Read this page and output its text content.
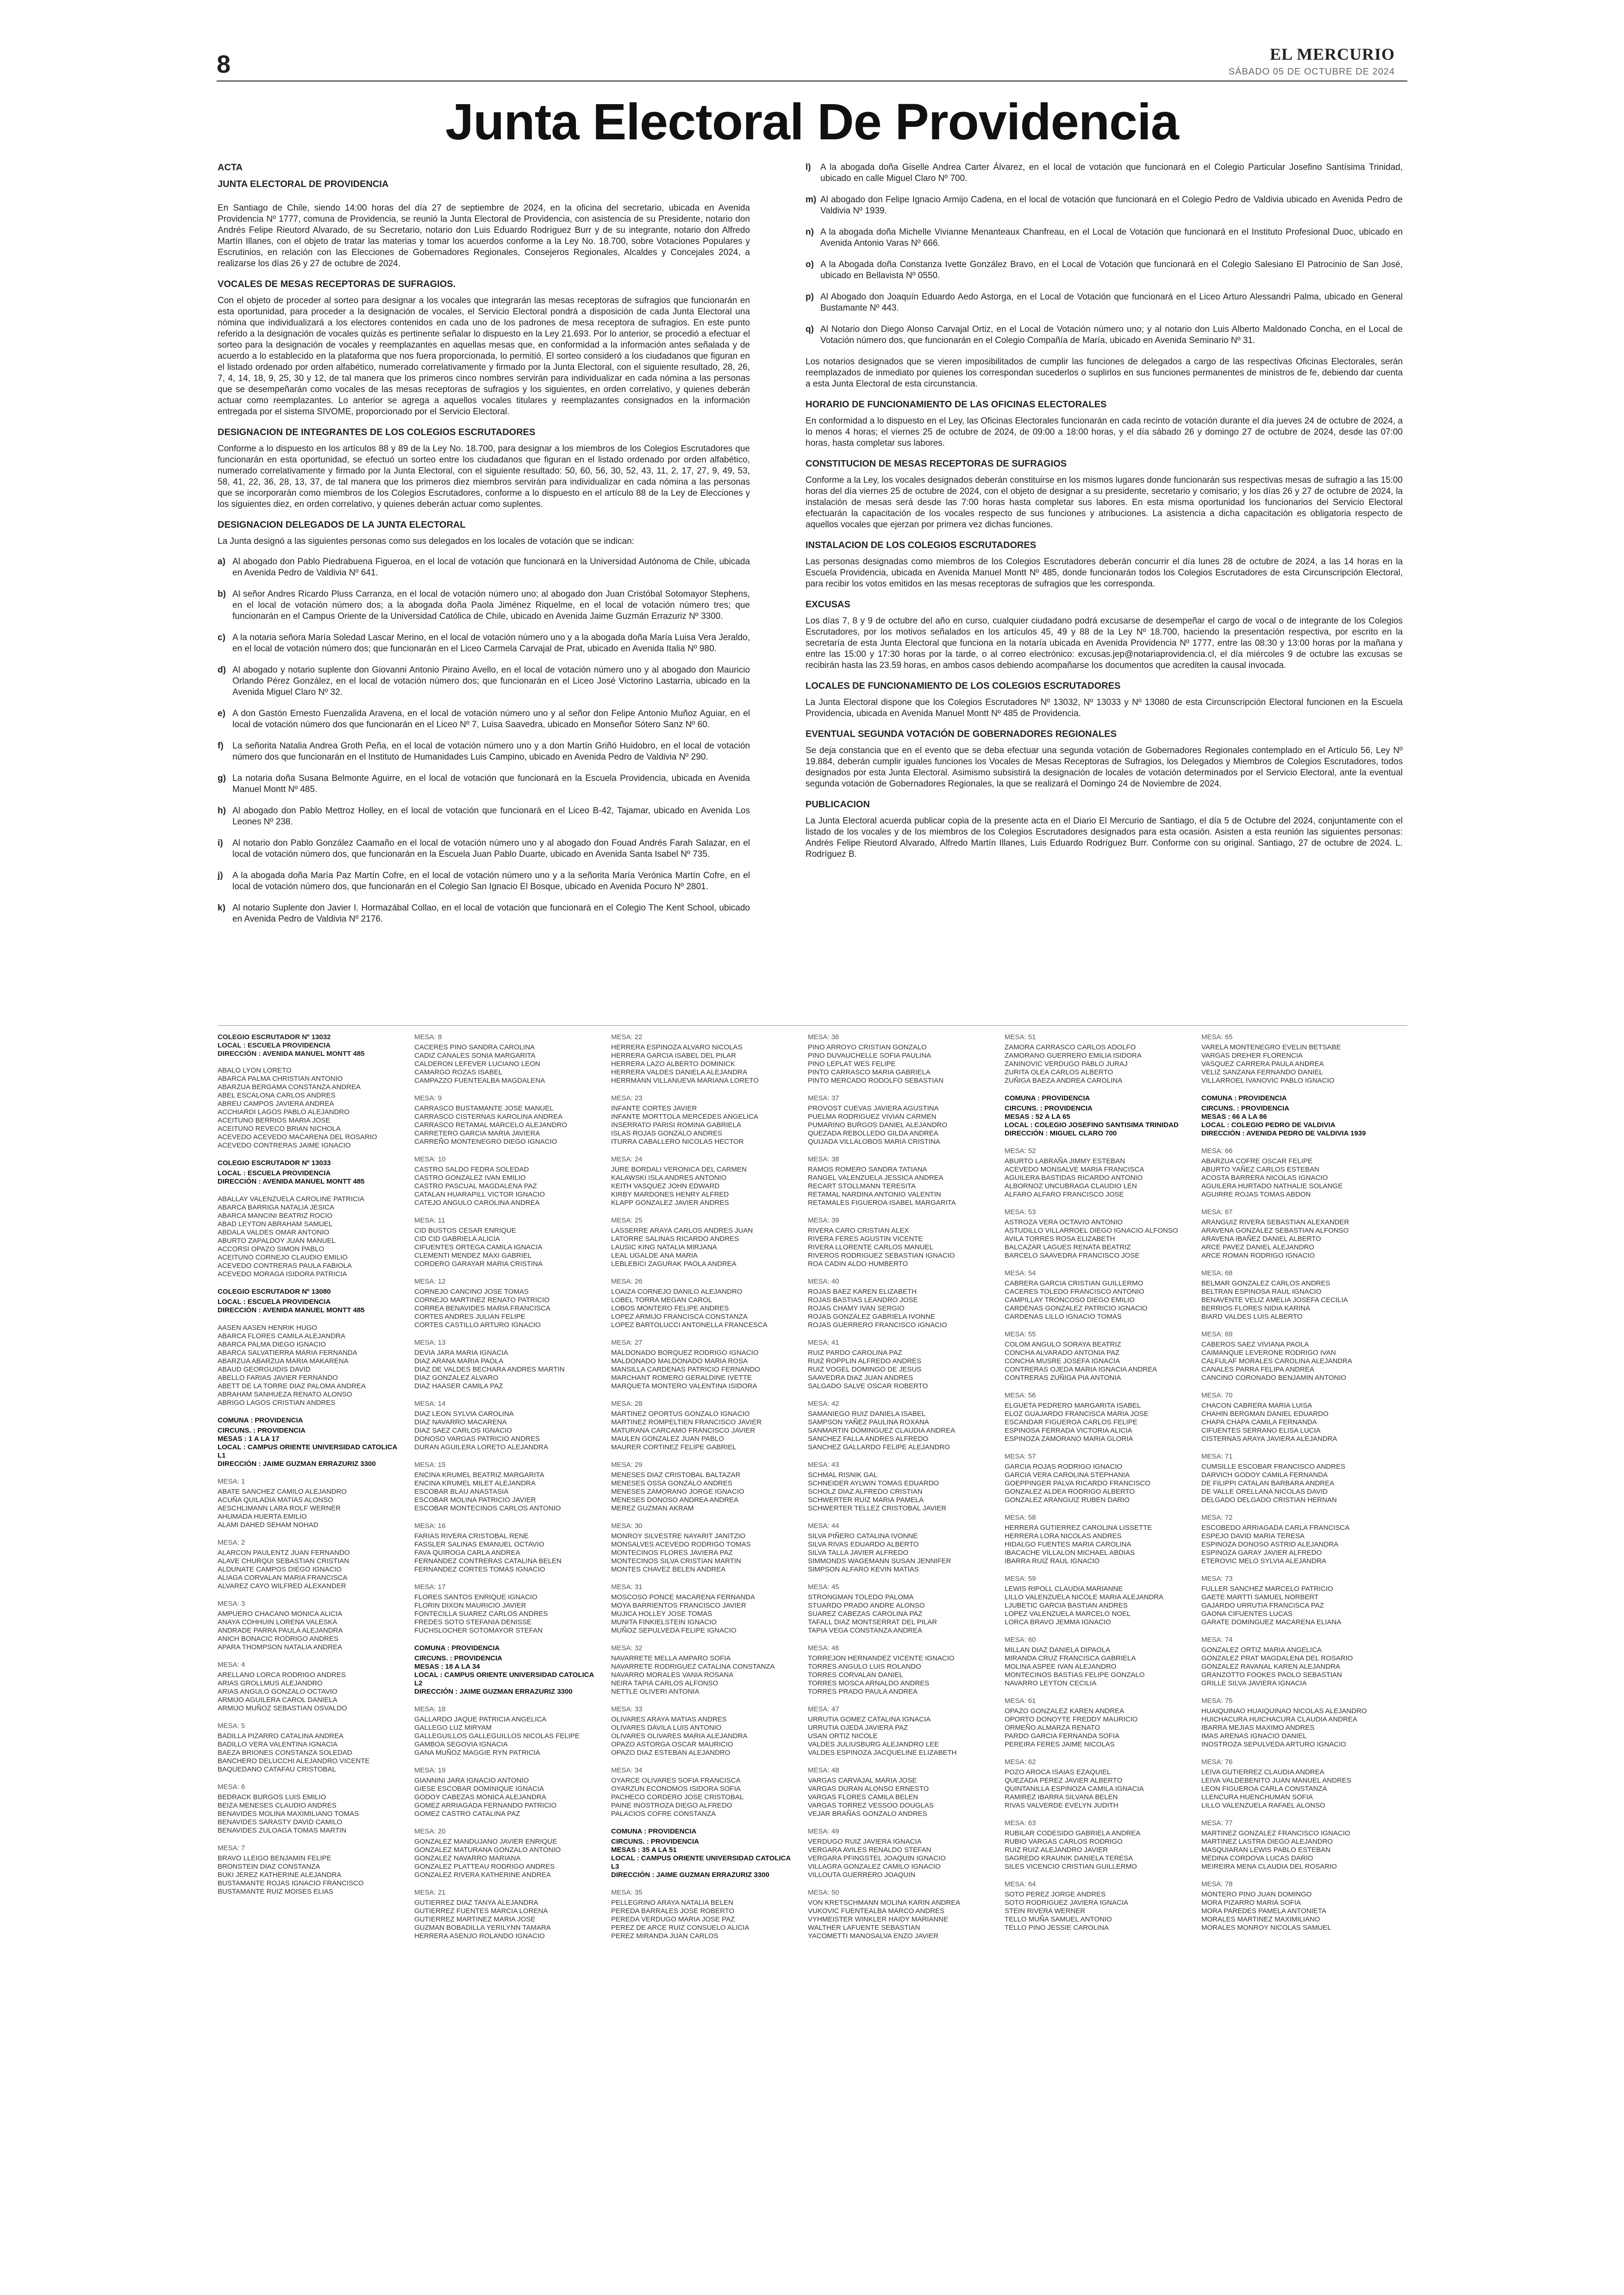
8	EL MERCURIO
SÁBADO 05 DE OCTUBRE DE 2024
Junta Electoral De Providencia
ACTA
JUNTA ELECTORAL DE PROVIDENCIA

En Santiago de Chile, siendo 14:00 horas del día 27 de septiembre de 2024, en la oficina del secretario, ubicada en Avenida Providencia Nº 1777, comuna de Providencia, se reunió la Junta Electoral de Providencia, con asistencia de su Presidente, notario don Andrés Felipe Rieutord Alvarado, de su Secretario, notario don Luis Eduardo Rodríguez Burr y de su integrante, notario don Alfredo Martín Illanes, con el objeto de tratar las materias y tomar los acuerdos conforme a la Ley No. 18.700, sobre Votaciones Populares y Escrutinios, en relación con las Elecciones de Gobernadores Regionales, Consejeros Regionales, Alcaldes y Concejales 2024, a realizarse los días 26 y 27 de octubre de 2024.

VOCALES DE MESAS RECEPTORAS DE SUFRAGIOS.

Con el objeto de proceder al sorteo para designar a los vocales que integrarán las mesas receptoras de sufragios que funcionarán en esta oportunidad, para proceder a la designación de vocales, el Servicio Electoral pondrá a disposición de cada Junta Electoral una nómina que individualizará a los electores contenidos en cada uno de los padrones de mesa receptora de sufragios. En este punto referido a la designación de vocales quizás es pertinente señalar lo dispuesto en la Ley 21.693. Por lo anterior, se procedió a efectuar el sorteo para la designación de vocales y reemplazantes en aquellas mesas que, en conformidad a la información antes señalada y de acuerdo a lo establecido en la plataforma que nos fuera proporcionada, lo permitió. El sorteo consideró a los ciudadanos que figuran en el listado ordenado por orden alfabético, numerado correlativamente y firmado por la Junta Electoral, con el siguiente resultado, 28, 26, 7, 4, 14, 18, 9, 25, 30 y 12, de tal manera que los primeros cinco nombres servirán para individualizar en cada nómina a las personas que se desempeñarán como vocales de las mesas receptoras de sufragios y los siguientes, en orden correlativo, y quienes deberán actuar como reemplazantes. Lo anterior se agrega a aquellos vocales titulares y reemplazantes consignados en la información entregada por el sistema SIVOME, proporcionado por el Servicio Electoral.

DESIGNACION DE INTEGRANTES DE LOS COLEGIOS ESCRUTADORES

Conforme a lo dispuesto en los artículos 88 y 89 de la Ley No. 18.700, para designar a los miembros de los Colegios Escrutadores que funcionarán en esta oportunidad, se efectuó un sorteo entre los ciudadanos que figuran en el listado ordenado por orden alfabético, numerado correlativamente y firmado por la Junta Electoral, con el siguiente resultado: 50, 60, 56, 30, 52, 43, 11, 2, 17, 27, 9, 49, 53, 58, 41, 22, 36, 28, 13, 37, de tal manera que los primeros diez miembros servirán para individualizar en cada nómina a las personas que se incorporarán como miembros de los Colegios Escrutadores, conforme a lo dispuesto en el artículo 88 de la Ley de Elecciones y los siguientes diez, en orden correlativo, y quienes deberán actuar como suplentes.

DESIGNACION DELEGADOS DE LA JUNTA ELECTORAL

La Junta designó a las siguientes personas como sus delegados en los locales de votación que se indican:

a) Al abogado don Pablo Piedrabuena Figueroa, en el local de votación que funcionará en la Universidad Autónoma de Chile, ubicada en Avenida Pedro de Valdivia Nº 641.
b) Al señor Andres Ricardo Pluss Carranza, en el local de votación número uno; al abogado don Juan Cristóbal Sotomayor Stephens, en el local de votación número dos; a la abogada doña Paola Jiménez Riquelme, en el local de votación número tres; que funcionarán en el Campus Oriente de la Universidad Católica de Chile, ubicado en Avenida Jaime Guzmán Errazuriz Nº 3300.
c) A la notaria señora María Soledad Lascar Merino, en el local de votación número uno y a la abogada doña María Luisa Vera Jeraldo, en el local de votación número dos; que funcionarán en el Liceo Carmela Carvajal de Prat, ubicado en Avenida Italia Nº 980.
d) Al abogado y notario suplente don Giovanni Antonio Piraino Avello, en el local de votación número uno y al abogado don Mauricio Orlando Pérez González, en el local de votación número dos; que funcionarán en el Liceo José Victorino Lastarria, ubicado en la Avenida Miguel Claro Nº 32.
e) A don Gastón Ernesto Fuenzalida Aravena, en el local de votación número uno y al señor don Felipe Antonio Muñoz Aguiar, en el local de votación número dos que funcionarán en el Liceo Nº 7, Luisa Saavedra, ubicado en Monseñor Sótero Sanz Nº 60.
f)	La señorita Natalia Andrea Groth Peña, en el local de votación número uno y a don Martín Griñó Huidobro, en el local de votación número dos que funcionarán en el Instituto de Humanidades Luis Campino, ubicado en Avenida Pedro de Valdivia Nº 290.
g) La notaria doña Susana Belmonte Aguirre, en el local de votación que funcionará en la Escuela Providencia, ubicada en Avenida Manuel Montt Nº 485.
h) Al abogado don Pablo Mettroz Holley, en el local de votación que funcionará en el Liceo B-42, Tajamar, ubicado en Avenida Los Leones Nº 238.
i)	Al notario don Pablo González Caamaño en el local de votación número uno y al abogado don Fouad Andrés Farah Salazar, en el local de votación número dos, que funcionarán en la Escuela Juan Pablo Duarte, ubicado en Avenida Santa Isabel Nº 735.
j)	A la abogada doña María Paz Martín Cofre, en el local de votación número uno y a la señorita María Verónica Martín Cofre, en el local de votación número dos, que funcionarán en el Colegio San Ignacio El Bosque, ubicado en Avenida Pocuro Nº 2801.
k) Al notario Suplente don Javier I. Hormazábal Collao, en el local de votación que funcionará en el Colegio The Kent School, ubicado en Avenida Pedro de Valdivia Nº 2176.
l)	A la abogada doña Giselle Andrea Carter Álvarez, en el local de votación que funcionará en el Colegio Particular Josefino Santísima Trinidad, ubicado en calle Miguel Claro Nº 700.
m) Al abogado don Felipe Ignacio Armijo Cadena, en el local de votación que funcionará en el Colegio Pedro de Valdivia ubicado en Avenida Pedro de Valdivia Nº 1939.
n) A la abogada doña Michelle Vivianne Menanteaux Chanfreau, en el Local de Votación que funcionará en el Instituto Profesional Duoc, ubicado en Avenida Antonio Varas Nº 666.
o) A la Abogada doña Constanza Ivette González Bravo, en el Local de Votación que funcionará en el Colegio Salesiano El Patrocinio de San José, ubicado en Bellavista Nº 0550.
p) Al Abogado don Joaquín Eduardo Aedo Astorga, en el Local de Votación que funcionará en el Liceo Arturo Alessandri Palma, ubicado en General Bustamante Nº 443.
q) Al Notario don Diego Alonso Carvajal Ortiz, en el Local de Votación número uno; y al notario don Luis Alberto Maldonado Concha, en el Local de Votación número dos, que funcionarán en el Colegio Compañía de María, ubicado en Avenida Seminario Nº 31.

Los notarios designados que se vieren imposibilitados de cumplir las funciones de delegados a cargo de las respectivas Oficinas Electorales, serán reemplazados de inmediato por quienes los correspondan sucederlos o suplirlos en sus funciones permanentes de ministros de fe, debiendo dar cuenta a esta Junta Electoral de esta circunstancia.

HORARIO DE FUNCIONAMIENTO DE LAS OFICINAS ELECTORALES

En conformidad a lo dispuesto en el Ley, las Oficinas Electorales funcionarán en cada recinto de votación durante el día jueves 24 de octubre de 2024, a lo menos 4 horas; el viernes 25 de octubre de 2024, de 09:00 a 18:00 horas, y el día sábado 26 y domingo 27 de octubre de 2024, desde las 07:00 horas, hasta completar sus labores.

CONSTITUCION DE MESAS RECEPTORAS DE SUFRAGIOS

Conforme a la Ley, los vocales designados deberán constituirse en los mismos lugares donde funcionarán sus respectivas mesas de sufragio a las 15:00 horas del día viernes 25 de octubre de 2024, con el objeto de designar a su presidente, secretario y comisario; y los días 26 y 27 de octubre de 2024, la instalación de mesas será desde las 7:00 horas hasta completar sus labores. En esta misma oportunidad los funcionarios del Servicio Electoral efectuarán la capacitación de los vocales respecto de sus funciones y atribuciones. La asistencia a dicha capacitación es obligatoria respecto de aquellos vocales que ejerzan por primera vez dichas funciones.

INSTALACION DE LOS COLEGIOS ESCRUTADORES

Las personas designadas como miembros de los Colegios Escrutadores deberán concurrir el día lunes 28 de octubre de 2024, a las 14 horas en la Escuela Providencia, ubicada en Avenida Manuel Montt Nº 485, donde funcionarán todos los Colegios Escrutadores de esta Circunscripción Electoral, para recibir los votos emitidos en las mesas receptoras de sufragios que les corresponda.

EXCUSAS

Los días 7, 8 y 9 de octubre del año en curso, cualquier ciudadano podrá excusarse de desempeñar el cargo de vocal o de integrante de los Colegios Escrutadores, por los motivos señalados en los artículos 45, 49 y 88 de la Ley Nº 18.700, haciendo la presentación respectiva, por escrito en la secretaría de esta Junta Electoral que funciona en la notaría ubicada en Avenida Providencia Nº 1777, entre las 08:30 y 13:00 horas por la mañana y entre las 15:00 y 17:30 horas por la tarde, o al correo electrónico: excusas.jep@notariaprovidencia.cl, el día miércoles 9 de octubre las excusas se recibirán hasta las 23.59 horas, en ambos casos debiendo acompañarse los documentos que acrediten la causal invocada.

LOCALES DE FUNCIONAMIENTO DE LOS COLEGIOS ESCRUTADORES

La Junta Electoral dispone que los Colegios Escrutadores Nº 13032, Nº 13033 y Nº 13080 de esta Circunscripción Electoral funcionen en la Escuela Providencia, ubicada en Avenida Manuel Montt Nº 485 de Providencia.

EVENTUAL SEGUNDA VOTACIÓN DE GOBERNADORES REGIONALES

Se deja constancia que en el evento que se deba efectuar una segunda votación de Gobernadores Regionales contemplado en el Artículo 56, Ley Nº 19.884, deberán cumplir iguales funciones los Vocales de Mesas Receptoras de Sufragios, los Delegados y Miembros de Colegios Escrutadores, todos designados por esta Junta Electoral. Asimismo subsistirá la designación de locales de votación determinados por el Servicio Electoral, ante la eventual segunda votación de Gobernadores Regionales, la que se realizará el Domingo 24 de Noviembre de 2024.

PUBLICACION

La Junta Electoral acuerda publicar copia de la presente acta en el Diario El Mercurio de Santiago, el día 5 de Octubre del 2024, conjuntamente con el listado de los vocales y de los miembros de los Colegios Escrutadores designados para esta ocasión. Asisten a esta reunión las siguientes personas: Andrés Felipe Rieutord Alvarado, Alfredo Martín Illanes, Luis Eduardo Rodríguez Burr. Conforme con su original. Santiago, 27 de octubre de 2024. L. Rodríguez B.

COLEGIO ESCRUTADOR Nº 13032
LOCAL : ESCUELA PROVIDENCIA
DIRECCIÓN : AVENIDA MANUEL MONTT 485
ABALO LYON LORETO
ABARCA PALMA CHRISTIAN ANTONIO
ABARZUA BERGAMA CONSTANZA ANDREA
ABEL ESCALONA CARLOS ANDRES
ABREU CAMPOS JAVIERA ANDREA
ACCHIARDI LAGOS PABLO ALEJANDRO
ACEITUNO BERRIOS MARIA JOSE
ACEITUNO REVECO BRIAN NICHOLA
ACEVEDO ACEVEDO MACARENA DEL ROSARIO
ACEVEDO CONTRERAS JAIME IGNACIO
COLEGIO ESCRUTADOR Nº 13033
LOCAL : ESCUELA PROVIDENCIA
DIRECCIÓN : AVENIDA MANUEL MONTT 485
ABALLAY VALENZUELA CAROLINE PATRICIA
ABARCA BARRIGA NATALIA JESICA
ABARCA MANCINI BEATRIZ ROCIO
ABAD LEYTON ABRAHAM SAMUEL
ABDALA VALDES OMAR ANTONIO
ABURTO ZAPALDOY JUAN MANUEL
ACCORSI OPAZO SIMON PABLO
ACEITUNO CORNEJO CLAUDIO EMILIO
ACEVEDO CONTRERAS PAULA FABIOLA
ACEVEDO MORAGA ISIDORA PATRICIA
COLEGIO ESCRUTADOR Nº 13080
LOCAL : ESCUELA PROVIDENCIA
DIRECCIÓN : AVENIDA MANUEL MONTT 485
AASEN AASEN HENRIK HUGO
ABARCA FLORES CAMILA ALEJANDRA
ABARCA PALMA DIEGO IGNACIO
ABARCA SALVATIERRA MARIA FERNANDA
ABARZUA ABARZUA MARIA MAKARENA
ABAUD GEORGUIDIS DAVID
ABELLO FARIAS JAVIER FERNANDO
ABETT DE LA TORRE DIAZ PALOMA ANDREA
ABRAHAM SANHUEZA RENATO ALONSO
ABRIGO LAGOS CRISTIAN ANDRES
COMUNA : PROVIDENCIA
CIRCUNS. : PROVIDENCIA
MESAS : 1 A LA 17
LOCAL : CAMPUS ORIENTE UNIVERSIDAD CATOLICA L1
DIRECCIÓN : JAIME GUZMAN ERRAZURIZ 3300
MESA: 1
ABATE SANCHEZ CAMILO ALEJANDRO
ACUÑA QUILADIA MATIAS ALONSO
AESCHLIMANN LARA ROLF WERNER
AHUMADA HUERTA EMILIO
ALAMI DAHED SEHAM NOHAD
MESA: 2
ALARCON PAULENTZ JUAN FERNANDO
ALAVE CHURQUI SEBASTIAN CRISTIAN
ALDUNATE CAMPOS DIEGO IGNACIO
ALIAGA CORVALAN MARIA FRANCISCA
ALVAREZ CAYO WILFRED ALEXANDER
MESA: 3
AMPUERO CHACANO MONICA ALICIA
ANAYA COHHUIN LORENA VALESKA
ANDRADE PARRA PAULA ALEJANDRA
ANICH BONACIC RODRIGO ANDRES
APARA THOMPSON NATALIA ANDREA
MESA: 4
ARELLANO LORCA RODRIGO ANDRES
ARIAS GROLLMUS ALEJANDRO
ARIAS ANGULO GONZALO OCTAVIO
ARMIJO AGUILERA CAROL DANIELA
ARMIJO MUÑOZ SEBASTIAN OSVALDO
MESA: 5
BADILLA PIZARRO CATALINA ANDREA
BADILLO VERA VALENTINA IGNACIA
BAEZA BRIONES CONSTANZA SOLEDAD
BANCHERO DELUCCHI ALEJANDRO VICENTE
BAQUEDANO CATAFAU CRISTOBAL
MESA: 6
BEDRACK BURGOS LUIS EMILIO
BEIZA MENESES CLAUDIO ANDRES
BENAVIDES MOLINA MAXIMILIANO TOMAS
BENAVIDES SARASTY DAVID CAMILO
BENAVIDES ZULOAGA TOMAS MARTIN
MESA: 7
BRAVO LLEIGO BENJAMIN FELIPE
BRONSTEIN DIAZ CONSTANZA
BUKI JEREZ KATHERINE ALEJANDRA
BUSTAMANTE ROJAS IGNACIO FRANCISCO
BUSTAMANTE RUIZ MOISES ELIAS
MESA: 8
CACERES PINO SANDRA CAROLINA
CADIZ CANALES SONIA MARGARITA
CALDERON LEFEVER LUCIANO LEON
CAMARGO ROZAS ISABEL
CAMPAZZO FUENTEALBA MAGDALENA
MESA: 9
CARRASCO BUSTAMANTE JOSE MANUEL
CARRASCO CISTERNAS KAROLINA ANDREA
CARRASCO RETAMAL MARCELO ALEJANDRO
CARRETERO GARCIA MARIA JAVIERA
CARREÑO MONTENEGRO DIEGO IGNACIO
MESA: 10
CASTRO SALDO FEDRA SOLEDAD
CASTRO GONZALEZ IVAN EMILIO
CASTRO PASCUAL MAGDALENA PAZ
CATALAN HUARAPILL VICTOR IGNACIO
CATEJO ANGULO CAROLINA ANDREA
MESA: 11
CID BUSTOS CESAR ENRIQUE
CID CID GABRIELA ALICIA
CIFUENTES ORTEGA CAMILA IGNACIA
CLEMENTI MENDEZ MAXI GABRIEL
CORDERO GARAYAR MARIA CRISTINA
MESA: 12
CORNEJO CANCINO JOSE TOMAS
CORNEJO MARTINEZ RENATO PATRICIO
CORREA BENAVIDES MARIA FRANCISCA
CORTES ANDRES JULIAN FELIPE
CORTES CASTILLO ARTURO IGNACIO
MESA: 13
DEVIA JARA MARIA IGNACIA
DIAZ ARANA MARIA PAOLA
DIAZ DE VALDES BECHARA ANDRES MARTIN
DIAZ GONZALEZ ALVARO
DIAZ HAASER CAMILA PAZ
MESA: 14
DIAZ LEON SYLVIA CAROLINA
DIAZ NAVARRO MACARENA
DIAZ SAEZ CARLOS IGNACIO
DONOSO VARGAS PATRICIO ANDRES
DURAN AGUILERA LORETO ALEJANDRA
MESA: 15
ENCINA KRUMEL BEATRIZ MARGARITA
ENCINA KRUMEL MILET ALEJANDRA
ESCOBAR BLAU ANASTASIA
ESCOBAR MOLINA PATRICIO JAVIER
ESCOBAR MONTECINOS CARLOS ANTONIO
MESA: 16
FARIAS RIVERA CRISTOBAL RENE
FASSLER SALINAS EMANUEL OCTAVIO
FAVA QUIROGA CARLA ANDREA
FERNANDEZ CONTRERAS CATALINA BELEN
FERNANDEZ CORTES TOMAS IGNACIO
MESA: 17
FLORES SANTOS ENRIQUE IGNACIO
FLORIN DIXON MAURICIO JAVIER
FONTECILLA SUAREZ CARLOS ANDRES
FREDES SOTO STEFANIA DENISSE
FUCHSLOCHER SOTOMAYOR STEFAN
COMUNA : PROVIDENCIA
CIRCUNS. : PROVIDENCIA
MESAS : 18 A LA 34
LOCAL : CAMPUS ORIENTE UNIVERSIDAD CATOLICA L2
DIRECCIÓN : JAIME GUZMAN ERRAZURIZ 3300
MESA: 18
GALLARDO JAQUE PATRICIA ANGELICA
GALLEGO LUZ MIRYAM
GALLEGUILLOS GALLEGUILLOS NICOLAS FELIPE
GAMBOA SEGOVIA IGNACIA
GANA MUÑOZ MAGGIE RYN PATRICIA
MESA: 19
GIANNINI JARA IGNACIO ANTONIO
GIESE ESCOBAR DOMINIQUE IGNACIA
GODOY CABEZAS MONICA ALEJANDRA
GOMEZ ARRIAGADA FERNANDO PATRICIO
GOMEZ CASTRO CATALINA PAZ
MESA: 20
GONZALEZ MANDUJANO JAVIER ENRIQUE
GONZALEZ MATURANA GONZALO ANTONIO
GONZALEZ NAVARRO MARIANA
GONZALEZ PLATTEAU RODRIGO ANDRES
GONZALEZ RIVERA KATHERINE ANDREA
MESA: 21
GUTIERREZ DIAZ TANYA ALEJANDRA
GUTIERREZ FUENTES MARCIA LORENA
GUTIERREZ MARTINEZ MARIA JOSE
GUZMAN BOBADILLA YERILYNN TAMARA
HERRERA ASENJO ROLANDO IGNACIO
MESA: 22
HERRERA ESPINOZA ALVARO NICOLAS
HERRERA GARCIA ISABEL DEL PILAR
HERRERA LAZO ALBERTO DOMINICK
HERRERA VALDES DANIELA ALEJANDRA
HERRMANN VILLANUEVA MARIANA LORETO
MESA: 23
INFANTE CORTES JAVIER
INFANTE MORTTOLA MERCEDES ANGELICA
INSERRATO PARISI ROMINA GABRIELA
ISLAS ROJAS GONZALO ANDRES
ITURRA CABALLERO NICOLAS HECTOR
MESA: 24
JURE BORDALI VERONICA DEL CARMEN
KALAWSKI ISLA ANDRES ANTONIO
KEITH VASQUEZ JOHN EDWARD
KIRBY MARDONES HENRY ALFRED
KLAPP GONZALEZ JAVIER ANDRES
MESA: 25
LASSERRE ARAYA CARLOS ANDRES JUAN
LATORRE SALINAS RICARDO ANDRES
LAUSIC KING NATALIA MIRJANA
LEAL UGALDE ANA MARIA
LEBLEBICI ZAGURAK PAOLA ANDREA
MESA: 26
LOAIZA CORNEJO DANILO ALEJANDRO
LOBEL TORRA MEGAN CAROL
LOBOS MONTERO FELIPE ANDRES
LOPEZ ARMIJO FRANCISCA CONSTANZA
LOPEZ BARTOLUCCI ANTONELLA FRANCESCA
MESA: 27
MALDONADO BORQUEZ RODRIGO IGNACIO
MALDONADO MALDONADO MARIA ROSA
MANSILLA CARDENAS PATRICIO FERNANDO
MARCHANT ROMERO GERALDINE IVETTE
MARQUETA MONTERO VALENTINA ISIDORA
MESA: 28
MARTINEZ OPORTUS GONZALO IGNACIO
MARTINEZ ROMPELTIEN FRANCISCO JAVIER
MATURANA CARCAMO FRANCISCO JAVIER
MAULEN GONZALEZ JUAN PABLO
MAURER CORTINEZ FELIPE GABRIEL
MESA: 29
MENESES DIAZ CRISTOBAL BALTAZAR
MENESES OSSA GONZALO ANDRES
MENESES ZAMORANO JORGE IGNACIO
MENESES DONOSO ANDREA ANDREA
MEREZ GUZMAN AKRAM
MESA: 30
MONROY SILVESTRE NAYARIT JANITZIO
MONSALVES ACEVEDO RODRIGO TOMAS
MONTECINOS FLORES JAVIERA PAZ
MONTECINOS SILVA CRISTIAN MARTIN
MONTES CHAVEZ BELEN ANDREA
MESA: 31
MOSCOSO PONCE MACARENA FERNANDA
MOYA BARRIENTOS FRANCISCO JAVIER
MUJICA HOLLEY JOSE TOMAS
MUNITA FINKIELSTEIN IGNACIO
MUÑOZ SEPULVEDA FELIPE IGNACIO
MESA: 32
NAVARRETE MELLA AMPARO SOFIA
NAVARRETE RODRIGUEZ CATALINA CONSTANZA
NAVARRO MORALES VANIA ROSANA
NEIRA TAPIA CARLOS ALFONSO
NETTLE OLIVERI ANTONIA
MESA: 33
OLIVARES ARAYA MATIAS ANDRES
OLIVARES DAVILA LUIS ANTONIO
OLIVARES OLIVARES MARIA ALEJANDRA
OPAZO ASTORGA OSCAR MAURICIO
OPAZO DIAZ ESTEBAN ALEJANDRO
MESA: 34
OYARCE OLIVARES SOFIA FRANCISCA
OYARZUN ECONOMOS ISIDORA SOFIA
PACHECO CORDERO JOSE CRISTOBAL
PAINE INOSTROZA DIEGO ALFREDO
PALACIOS COFRE CONSTANZA
COMUNA : PROVIDENCIA
CIRCUNS. : PROVIDENCIA
MESAS : 35 A LA 51
LOCAL : CAMPUS ORIENTE UNIVERSIDAD CATOLICA L3
DIRECCIÓN : JAIME GUZMAN ERRAZURIZ 3300
MESA: 35
PELLEGRINO ARAYA NATALIA BELEN
PEREDA BARRALES JOSE ROBERTO
PEREDA VERDUGO MARIA JOSE PAZ
PEREZ DE ARCE RUIZ CONSUELO ALICIA
PEREZ MIRANDA JUAN CARLOS
MESA: 36
PINO ARROYO CRISTIAN GONZALO
PINO DUVAUCHELLE SOFIA PAULINA
PINO LEPLAT WES FELIPE
PINTO CARRASCO MARIA GABRIELA
PINTO MERCADO RODOLFO SEBASTIAN
MESA: 37
PROVOST CUEVAS JAVIERA AGUSTINA
PUELMA RODRIGUEZ VIVIAN CARMEN
PUMARINO BURGOS DANIEL ALEJANDRO
QUEZADA REBOLLEDO GILDA ANDREA
QUIJADA VILLALOBOS MARIA CRISTINA
MESA: 38
RAMOS ROMERO SANDRA TATIANA
RANGEL VALENZUELA JESSICA ANDREA
RECART STOLLMANN TERESITA
RETAMAL NARDINA ANTONIO VALENTIN
RETAMALES FIGUEROA ISABEL MARGARITA
MESA: 39
RIVERA CARO CRISTIAN ALEX
RIVERA FERES AGUSTIN VICENTE
RIVERA LLORENTE CARLOS MANUEL
RIVEROS RODRIGUEZ SEBASTIAN IGNACIO
ROA CADIN ALDO HUMBERTO
MESA: 40
ROJAS BAEZ KAREN ELIZABETH
ROJAS BASTIAS LEANDRO JOSE
ROJAS CHAMY IVAN SERGIO
ROJAS GONZALEZ GABRIELA IVONNE
ROJAS GUERRERO FRANCISCO IGNACIO
MESA: 41
RUIZ PARDO CAROLINA PAZ
RUIZ ROPPLIN ALFREDO ANDRES
RUIZ VOGEL DOMINGO DE JESUS
SAAVEDRA DIAZ JUAN ANDRES
SALGADO SALVE OSCAR ROBERTO
MESA: 42
SAMANIEGO RUIZ DANIELA ISABEL
SAMPSON YAÑEZ PAULINA ROXANA
SANMARTIN DOMINGUEZ CLAUDIA ANDREA
SANCHEZ FALLA ANDRES ALFREDO
SANCHEZ GALLARDO FELIPE ALEJANDRO
MESA: 43
SCHMAL RISNIK GAL
SCHNEIDER AYLWIN TOMAS EDUARDO
SCHOLZ DIAZ ALFREDO CRISTIAN
SCHWERTER RUIZ MARIA PAMELA
SCHWERTER TELLEZ CRISTOBAL JAVIER
MESA: 44
SILVA PIÑERO CATALINA IVONNE
SILVA RIVAS EDUARDO ALBERTO
SILVA TALLA JAVIER ALFREDO
SIMMONDS WAGEMANN SUSAN JENNIFER
SIMPSON ALFARO KEVIN MATIAS
MESA: 45
STRONGMAN TOLEDO PALOMA
STUARDO PRADO ANDRE ALONSO
SUAREZ CABEZAS CAROLINA PAZ
TAFALL DIAZ MONTSERRAT DEL PILAR
TAPIA VEGA CONSTANZA ANDREA
MESA: 46
TORREJON HERNANDEZ VICENTE IGNACIO
TORRES ANGULO LUIS ROLANDO
TORRES CORVALAN DANIEL
TORRES MOSCA ARNALDO ANDRES
TORRES PRADO PAULA ANDREA
MESA: 47
URRUTIA GOMEZ CATALINA IGNACIA
URRUTIA OJEDA JAVIERA PAZ
USAN ORTIZ NICOLE
VALDES JULIUSBURG ALEJANDRO LEE
VALDES ESPINOZA JACQUELINE ELIZABETH
MESA: 48
VARGAS CARVAJAL MARIA JOSE
VARGAS DURAN ALONSO ERNESTO
VARGAS FLORES CAMILA BELEN
VARGAS TORREZ VESSOO DOUGLAS
VEJAR BRAÑAS GONZALO ANDRES
MESA: 49
VERDUGO RUIZ JAVIERA IGNACIA
VERGARA AVILES RENALDO STEFAN
VERGARA PFINGSTEL JOAQUIN IGNACIO
VILLAGRA GONZALEZ CAMILO IGNACIO
VILLOUTA GUERRERO JOAQUIN
MESA: 50
VON KRETSCHMANN MOLINA KARIN ANDREA
VUKOVIC FUENTEALBA MARCO ANDRES
VYHMEISTER WINKLER HAIDY MARIANNE
WALTHER LAFUENTE SEBASTIAN
YACOMETTI MANOSALVA ENZO JAVIER
MESA: 51
ZAMORA CARRASCO CARLOS ADOLFO
ZAMORANO GUERRERO EMILIA ISIDORA
ZANINOVIC VERDUGO PABLO JURAJ
ZURITA OLEA CARLOS ALBERTO
ZUÑIGA BAEZA ANDREA CAROLINA
COMUNA : PROVIDENCIA
CIRCUNS. : PROVIDENCIA
MESAS : 52 A LA 65
LOCAL : COLEGIO JOSEFINO SANTISIMA TRINIDAD
DIRECCIÓN : MIGUEL CLARO 700
MESA: 52
ABURTO LABRAÑA JIMMY ESTEBAN
ACEVEDO MONSALVE MARIA FRANCISCA
AGUILERA BASTIDAS RICARDO ANTONIO
ALBORNOZ UNCUBRAGA CLAUDIO LEN
ALFARO ALFARO FRANCISCO JOSE
MESA: 53
ASTROZA VERA OCTAVIO ANTONIO
ASTUDILLO VILLARROEL DIEGO IGNACIO ALFONSO
AVILA TORRES ROSA ELIZABETH
BALCAZAR LAGUES RENATA BEATRIZ
BARCELO SAAVEDRA FRANCISCO JOSE
MESA: 54
CABRERA GARCIA CRISTIAN GUILLERMO
CACERES TOLEDO FRANCISCO ANTONIO
CAMPILLAY TRONCOSO DIEGO EMILIO
CARDENAS GONZALEZ PATRICIO IGNACIO
CARDENAS LILLO IGNACIO TOMAS
MESA: 55
COLOM ANGULO SORAYA BEATRIZ
CONCHA ALVARADO ANTONIA PAZ
CONCHA MUSRE JOSEFA IGNACIA
CONTRERAS OJEDA MARIA IGNACIA ANDREA
CONTRERAS ZUÑIGA PIA ANTONIA
MESA: 56
ELGUETA PEDRERO MARGARITA ISABEL
ELOZ GUAJARDO FRANCISCA MARIA JOSE
ESCANDAR FIGUEROA CARLOS FELIPE
ESPINOSA FERRADA VICTORIA ALICIA
ESPINOZA ZAMORANO MARIA GLORIA
MESA: 57
GARCIA ROJAS RODRIGO IGNACIO
GARCIA VERA CAROLINA STEPHANIA
GOEPPINGER PALVA RICARDO FRANCISCO
GONZALEZ ALDEA RODRIGO ALBERTO
GONZALEZ ARANGUIZ RUBEN DARIO
MESA: 58
HERRERA GUTIERREZ CAROLINA LISSETTE
HERRERA LORA NICOLAS ANDRES
HIDALGO FUENTES MARIA CAROLINA
IBACACHE VILLALON MICHAEL ABDIAS
IBARRA RUIZ RAUL IGNACIO
MESA: 59
LEWIS RIPOLL CLAUDIA MARIANNE
LILLO VALENZUELA NICOLE MARIA ALEJANDRA
LJUBETIC GARCIA BASTIAN ANDRES
LOPEZ VALENZUELA MARCELO NOEL
LORCA BRAVO JEMMA IGNACIO
MESA: 60
MILLAN DIAZ DANIELA DIPAOLA
MIRANDA CRUZ FRANCISCA GABRIELA
MOLINA ASPEE IVAN ALEJANDRO
MONTECINOS BASTIAS FELIPE GONZALO
NAVARRO LEYTON CECILIA
MESA: 61
OPAZO GONZALEZ KAREN ANDREA
OPORTO DONOYTE FREDDY MAURICIO
ORMEÑO ALMARZA RENATO
PARDO GARCIA FERNANDA SOFIA
PEREIRA FERES JAIME NICOLAS
MESA: 62
POZO AROCA ISAIAS EZAQUIEL
QUEZADA PEREZ JAVIER ALBERTO
QUINTANILLA ESPINOZA CAMILA IGNACIA
RAMIREZ IBARRA SILVANA BELEN
RIVAS VALVERDE EVELYN JUDITH
MESA: 63
RUBILAR CODESIDO GABRIELA ANDREA
RUBIO VARGAS CARLOS RODRIGO
RUIZ RUIZ ALEJANDRO JAVIER
SAGREDO KRAUNIK DANIELA TERESA
SILES VICENCIO CRISTIAN GUILLERMO
MESA: 64
SOTO PEREZ JORGE ANDRES
SOTO RODRIGUEZ JAVIERA IGNACIA
STEIN RIVERA WERNER
TELLO MUÑA SAMUEL ANTONIO
TELLO PINO JESSIE CAROLINA
MESA: 65
VARELA MONTENEGRO EVELIN BETSABE
VARGAS DREHER FLORENCIA
VASQUEZ CARRERA PAULA ANDREA
VELIZ SANZANA FERNANDO DANIEL
VILLARROEL IVANOVIC PABLO IGNACIO
COMUNA : PROVIDENCIA
CIRCUNS. : PROVIDENCIA
MESAS : 66 A LA 86
LOCAL : COLEGIO PEDRO DE VALDIVIA
DIRECCIÓN : AVENIDA PEDRO DE VALDIVIA 1939
MESA: 66
ABARZUA COFRE OSCAR FELIPE
ABURTO YAÑEZ CARLOS ESTEBAN
ACOSTA BARRERA NICOLAS IGNACIO
AGUILERA HURTADO NATHALIE SOLANGE
AGUIRRE ROJAS TOMAS ABDON
MESA: 67
ARANGUIZ RIVERA SEBASTIAN ALEXANDER
ARAVENA GONZALEZ SEBASTIAN ALFONSO
ARAVENA IBAÑEZ DANIEL ALBERTO
ARCE PAVEZ DANIEL ALEJANDRO
ARCE ROMAN RODRIGO IGNACIO
MESA: 68
BELMAR GONZALEZ CARLOS ANDRES
BELTRAN ESPINOSA RAUL IGNACIO
BENAVENTE VELIZ AMELIA JOSEFA CECILIA
BERRIOS FLORES NIDIA KARINA
BIARD VALDES LUIS ALBERTO
MESA: 69
CABEROS SAEZ VIVIANA PAOLA
CAIMANQUE LEVERONE RODRIGO IVAN
CALFULAF MORALES CAROLINA ALEJANDRA
CANALES PARRA FELIPA ANDREA
CANCINO CORONADO BENJAMIN ANTONIO
MESA: 70
CHACON CABRERA MARIA LUISA
CHAHIN BERGMAN DANIEL EDUARDO
CHAPA CHAPA CAMILA FERNANDA
CIFUENTES SERRANO ELISA LUCIA
CISTERNAS ARAYA JAVIERA ALEJANDRA
MESA: 71
CUMSILLE ESCOBAR FRANCISCO ANDRES
DARVICH GODOY CAMILA FERNANDA
DE FILIPPI CATALAN BARBARA ANDREA
DE VALLE ORELLANA NICOLAS DAVID
DELGADO DELGADO CRISTIAN HERNAN
MESA: 72
ESCOBEDO ARRIAGADA CARLA FRANCISCA
ESPEJO DAVID MARIA TERESA
ESPINOZA DONOSO ASTRID ALEJANDRA
ESPINOZA GARAY JAVIER ALFREDO
ETEROVIC MELO SYLVIA ALEJANDRA
MESA: 73
FULLER SANCHEZ MARCELO PATRICIO
GAETE MARTTI SAMUEL NORBERT
GAJARDO URRUTIA FRANCISCA PAZ
GAONA CIFUENTES LUCAS
GARATE DOMINGUEZ MACARENA ELIANA
MESA: 74
GONZALEZ ORTIZ MARIA ANGELICA
GONZALEZ PRAT MAGDALENA DEL ROSARIO
GONZALEZ RAVANAL KAREN ALEJANDRA
GRANZOTTO FOOKES PAOLO SEBASTIAN
GRILLE SILVA JAVIERA IGNACIA
MESA: 75
HUAIQUINAO HUAIQUINAO NICOLAS ALEJANDRO
HUICHACURA HUICHACURA CLAUDIA ANDREA
IBARRA MEJIAS MAXIMO ANDRES
IMAS ARENAS IGNACIO DANIEL
INOSTROZA SEPULVEDA ARTURO IGNACIO
MESA: 76
LEIVA GUTIERREZ CLAUDIA ANDREA
LEIVA VALDEBENITO JUAN MANUEL ANDRES
LEON FIGUEROA CARLA CONSTANZA
LLENCURA HUENCHUMAN SOFIA
LILLO VALENZUELA RAFAEL ALONSO
MESA: 77
MARTINEZ GONZALEZ FRANCISCO IGNACIO
MARTINEZ LASTRA DIEGO ALEJANDRO
MASQUIARAN LEWIS PABLO ESTEBAN
MEDINA CORDOVA LUCAS DARIO
MEIREIRA MENA CLAUDIA DEL ROSARIO
MESA: 78
MONTERO PINO JUAN DOMINGO
MORA PIZARRO MARIA SOFIA
MORA PAREDES PAMELA ANTONIETA
MORALES MARTINEZ MAXIMILIANO
MORALES MONROY NICOLAS SAMUEL
